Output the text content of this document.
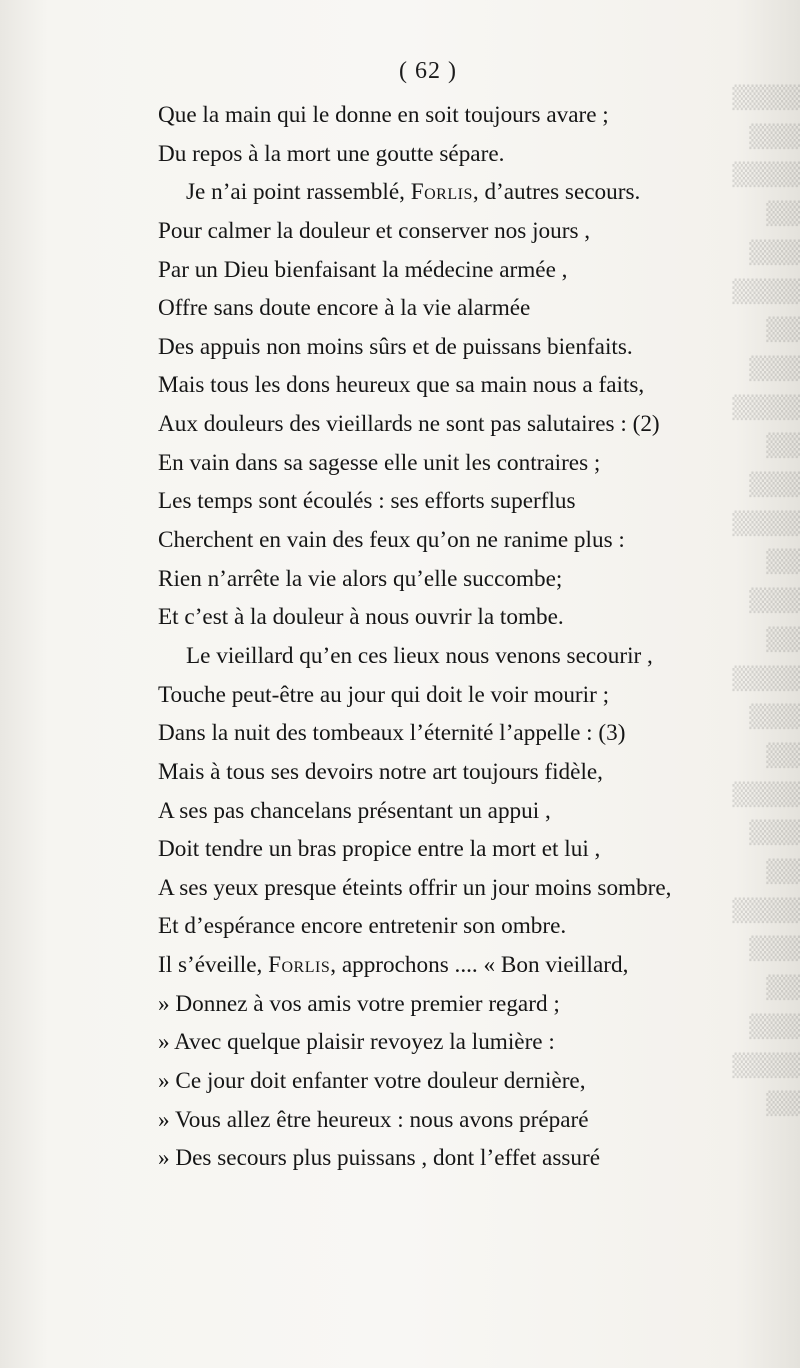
▒▒▒▒
▒▒▒
▒▒▒▒
▒▒
▒▒▒
▒▒▒▒
▒▒
▒▒▒
▒▒▒▒
▒▒
▒▒▒
▒▒▒▒
▒▒
▒▒▒
▒▒
▒▒▒▒
▒▒▒
▒▒
▒▒▒▒
▒▒▒
▒▒
▒▒▒▒
▒▒▒
▒▒
▒▒▒
▒▒▒▒
▒▒
( 62 )
Que la main qui le donne en soit toujours avare ;
Du repos à la mort une goutte sépare.
Je n’ai point rassemblé, Forlis, d’autres secours.
Pour calmer la douleur et conserver nos jours ,
Par un Dieu bienfaisant la médecine armée ,
Offre sans doute encore à la vie alarmée
Des appuis non moins sûrs et de puissans bienfaits.
Mais tous les dons heureux que sa main nous a faits,
Aux douleurs des vieillards ne sont pas salutaires : (2)
En vain dans sa sagesse elle unit les contraires ;
Les temps sont écoulés : ses efforts superflus
Cherchent en vain des feux qu’on ne ranime plus :
Rien n’arrête la vie alors qu’elle succombe;
Et c’est à la douleur à nous ouvrir la tombe.
Le vieillard qu’en ces lieux nous venons secourir ,
Touche peut-être au jour qui doit le voir mourir ;
Dans la nuit des tombeaux l’éternité l’appelle : (3)
Mais à tous ses devoirs notre art toujours fidèle,
A ses pas chancelans présentant un appui ,
Doit tendre un bras propice entre la mort et lui ,
A ses yeux presque éteints offrir un jour moins sombre,
Et d’espérance encore entretenir son ombre.
Il s’éveille, Forlis, approchons .... « Bon vieillard,
» Donnez à vos amis votre premier regard ;
» Avec quelque plaisir revoyez la lumière :
» Ce jour doit enfanter votre douleur dernière,
» Vous allez être heureux : nous avons préparé
» Des secours plus puissans , dont l’effet assuré
